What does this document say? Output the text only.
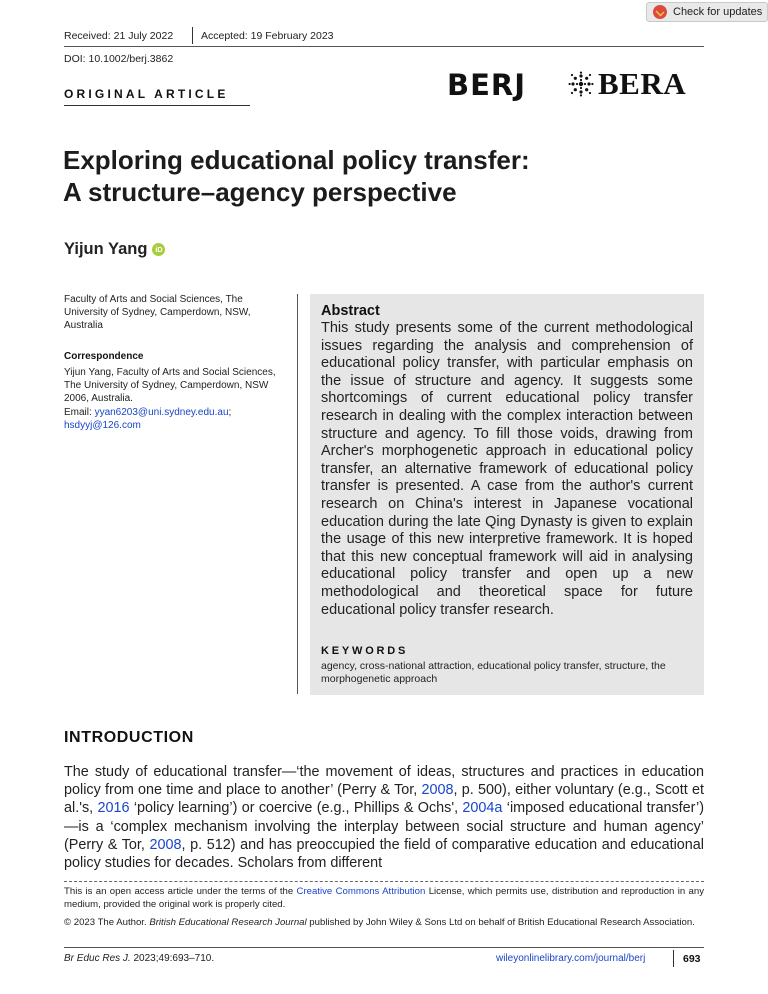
Check for updates
Received: 21 July 2022	Accepted: 19 February 2023
DOI: 10.1002/berj.3862
ORIGINAL ARTICLE	BERJ BERA
Exploring educational policy transfer:
A structure–agency perspective
Yijun Yang	iD
Faculty of Arts and Social Sciences, The University of Sydney, Camperdown, NSW, Australia
Correspondence
Yijun Yang, Faculty of Arts and Social Sciences, The University of Sydney, Camperdown, NSW 2006, Australia.
Email: yyan6203@uni.sydney.edu.au;
hsdyyj@126.com
Abstract
This study presents some of the current methodological issues regarding the analysis and comprehension of educational policy transfer, with particular emphasis on the issue of structure and agency. It suggests some shortcomings of current educational policy transfer research in dealing with the complex interaction between structure and agency. To fill those voids, drawing from Archer's morphogenetic approach in educational policy transfer, an alternative framework of educational policy transfer is presented. A case from the author's current research on China's interest in Japanese vocational education during the late Qing Dynasty is given to explain the usage of this new interpretive framework. It is hoped that this new conceptual framework will aid in analysing educational policy transfer and open up a new methodological and theoretical space for future educational policy transfer research.
KEYWORDS
agency, cross-national attraction, educational policy transfer, structure, the morphogenetic approach
INTRODUCTION
The study of educational transfer—‘the movement of ideas, structures and practices in education policy from one time and place to another’ (Perry & Tor, 2008, p. 500), either voluntary (e.g., Scott et al.'s, 2016 ‘policy learning’) or coercive (e.g., Phillips & Ochs', 2004a ‘imposed educational transfer’)—is a ‘complex mechanism involving the interplay between social structure and human agency’ (Perry & Tor, 2008, p. 512) and has preoccupied the field of comparative education and educational policy studies for decades. Scholars from different
This is an open access article under the terms of the Creative Commons Attribution License, which permits use, distribution and reproduction in any medium, provided the original work is properly cited.
© 2023 The Author. British Educational Research Journal published by John Wiley & Sons Ltd on behalf of British Educational Research Association.
Br Educ Res J. 2023;49:693–710.	wileyonlinelibrary.com/journal/berj	693
